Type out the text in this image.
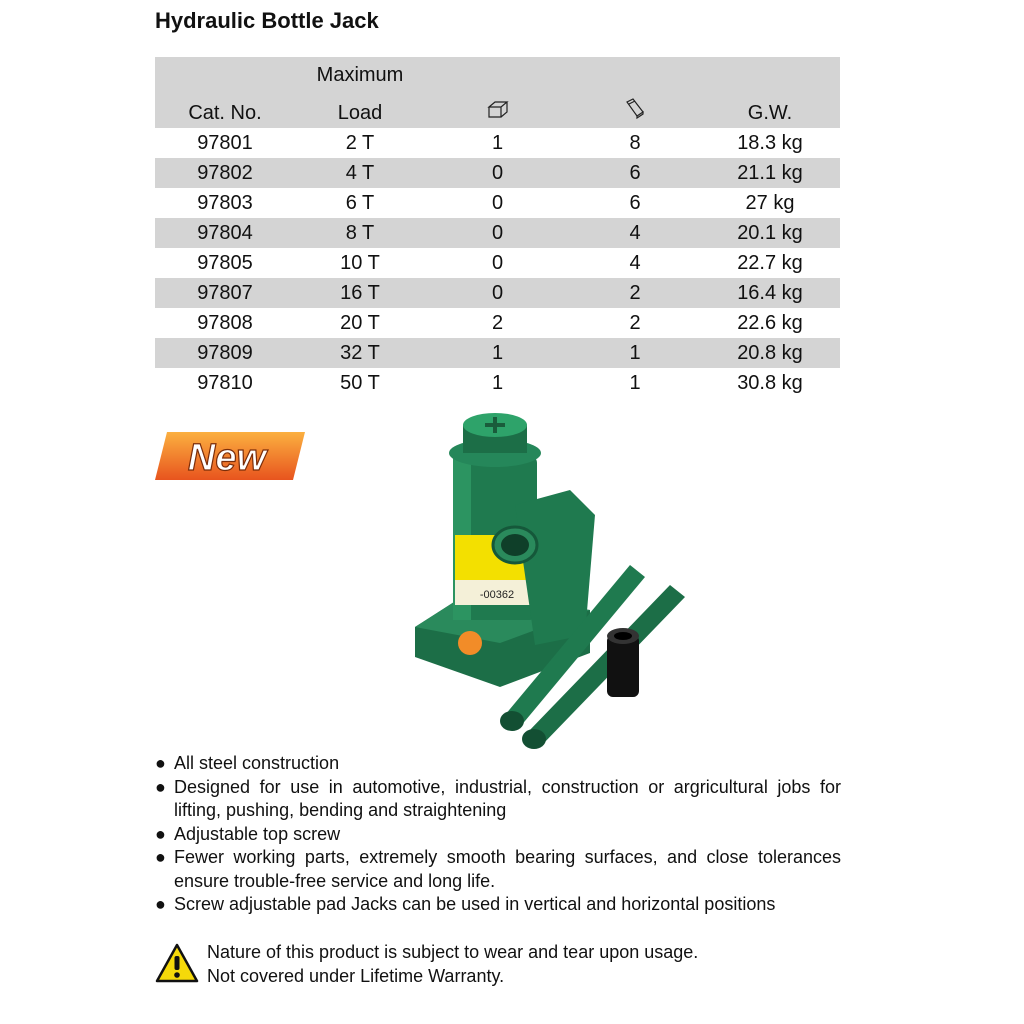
Hydraulic Bottle Jack
	Maximum			
Cat. No.	Load			G.W.
97801	2 T	1	8	18.3 kg
97802	4 T	0	6	21.1 kg
97803	6 T	0	6	27 kg
97804	8 T	0	4	20.1 kg
97805	10 T	0	4	22.7 kg
97807	16 T	0	2	16.4 kg
97808	20 T	2	2	22.6 kg
97809	32 T	1	1	20.8 kg
97810	50 T	1	1	30.8 kg
New
-00362
● All steel construction
● Designed for use in automotive, industrial, construction or argricultural jobs for lifting, pushing, bending and straightening
● Adjustable top screw
● Fewer working parts, extremely smooth bearing surfaces, and close tolerances ensure trouble-free service and long life.
● Screw adjustable pad Jacks can be used in vertical and horizontal positions
Nature of this product is subject to wear and tear upon usage.
Not covered under Lifetime Warranty.
